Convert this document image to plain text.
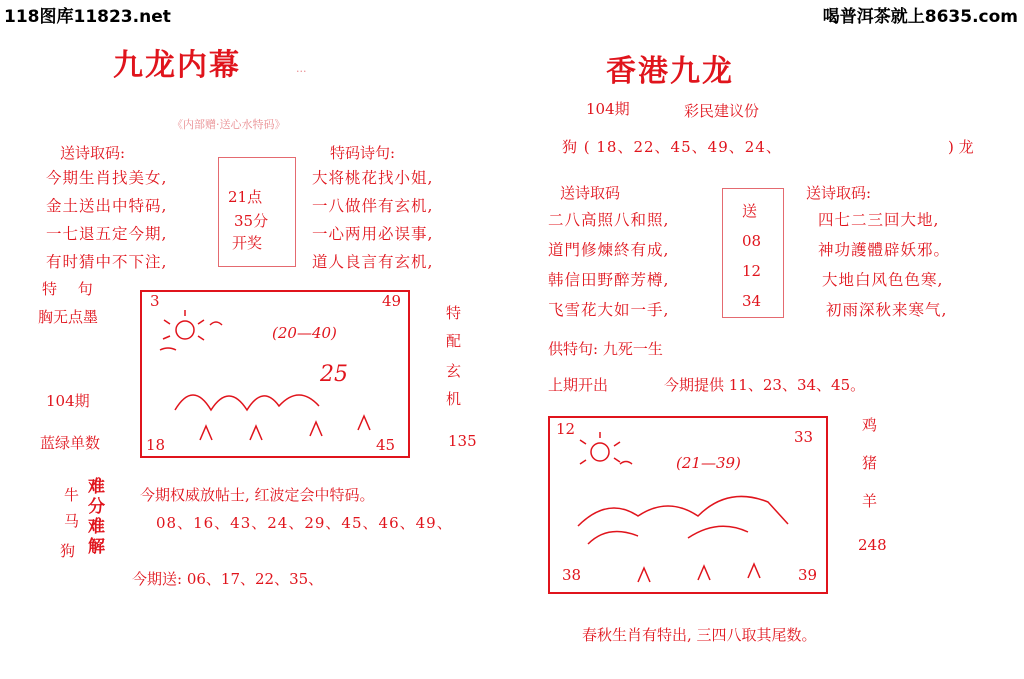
118图库11823.net	喝普洱茶就上8635.com
九龙内幕	...
《内部赠·送心水特码》
送诗取码:
今期生肖找美女,
金土送出中特码,
一七退五定今期,
有时猜中不下注,
21点
35分
开奖
特码诗句:
大将桃花找小姐,
一八做伴有玄机,
一心两用必误事,
道人良言有玄机,
特 句
胸无点墨
104期
蓝绿单数
3	49
18	45
(20—40)
25
特
配
玄
机
135
牛
马
狗
难
分
难
解
今期权威放帖士, 红波定会中特码。
08、16、43、24、29、45、46、49、
今期送: 06、17、22、35、
香港九龙
104期	彩民建议份
狗 ( 18、22、45、49、24、	) 龙
送诗取码
二八高照八和照,
道門修煉終有成,
韩信田野醉芳樽,
飞雪花大如一手,
送
08
12
34
送诗取码:
四七二三回大地,
神功護體辟妖邪。
大地白风色色寒,
初雨深秋来寒气,
供特句: 九死一生
上期开出	今期提供 11、23、34、45。
12	33
38	39
(21—39)
鸡
猪
羊
248
春秋生肖有特出, 三四八取其尾数。
